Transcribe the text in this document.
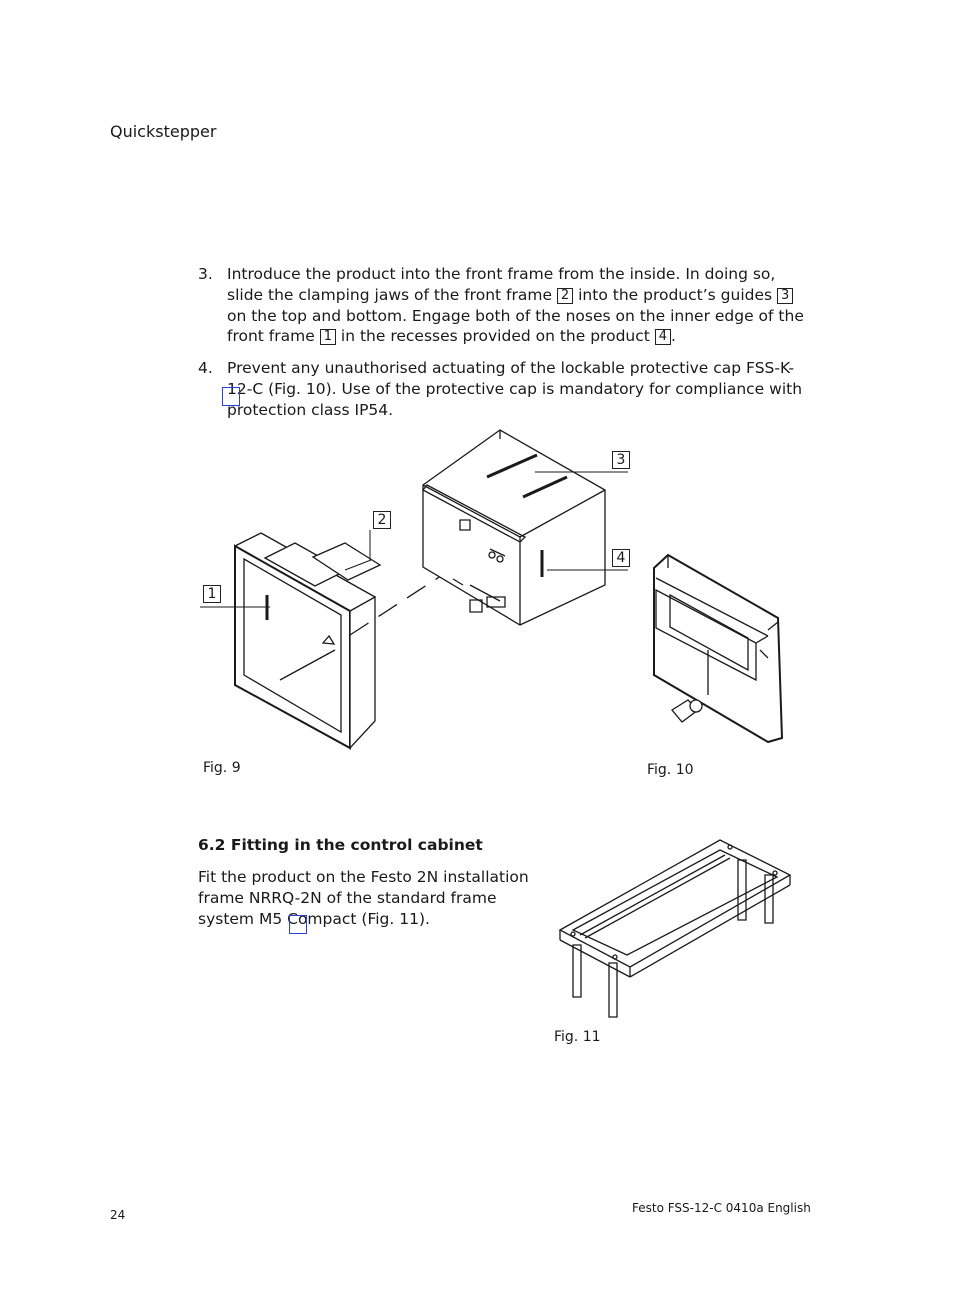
Quickstepper
3. Introduce the product into the front frame from the inside. In doing so, slide the clamping jaws of the front frame 2 into the product’s guides 3 on the top and bottom. Engage both of the noses on the inner edge of the front frame 1 in the recesses provided on the product 4 .
4. Prevent any unauthorised actuating of the lockable protective cap FSS-K-12-C (Fig. 10). Use of the protective cap is mandatory for compliance with protection class IP54.
1
2
3
4
Fig. 9	Fig. 10
6.2 Fitting in the control cabinet
Fit the product on the Festo 2N installation frame NRRQ-2N of the standard frame system M5 Compact (Fig. 11).
Fig. 11
24	Festo FSS-12-C 0410a English
